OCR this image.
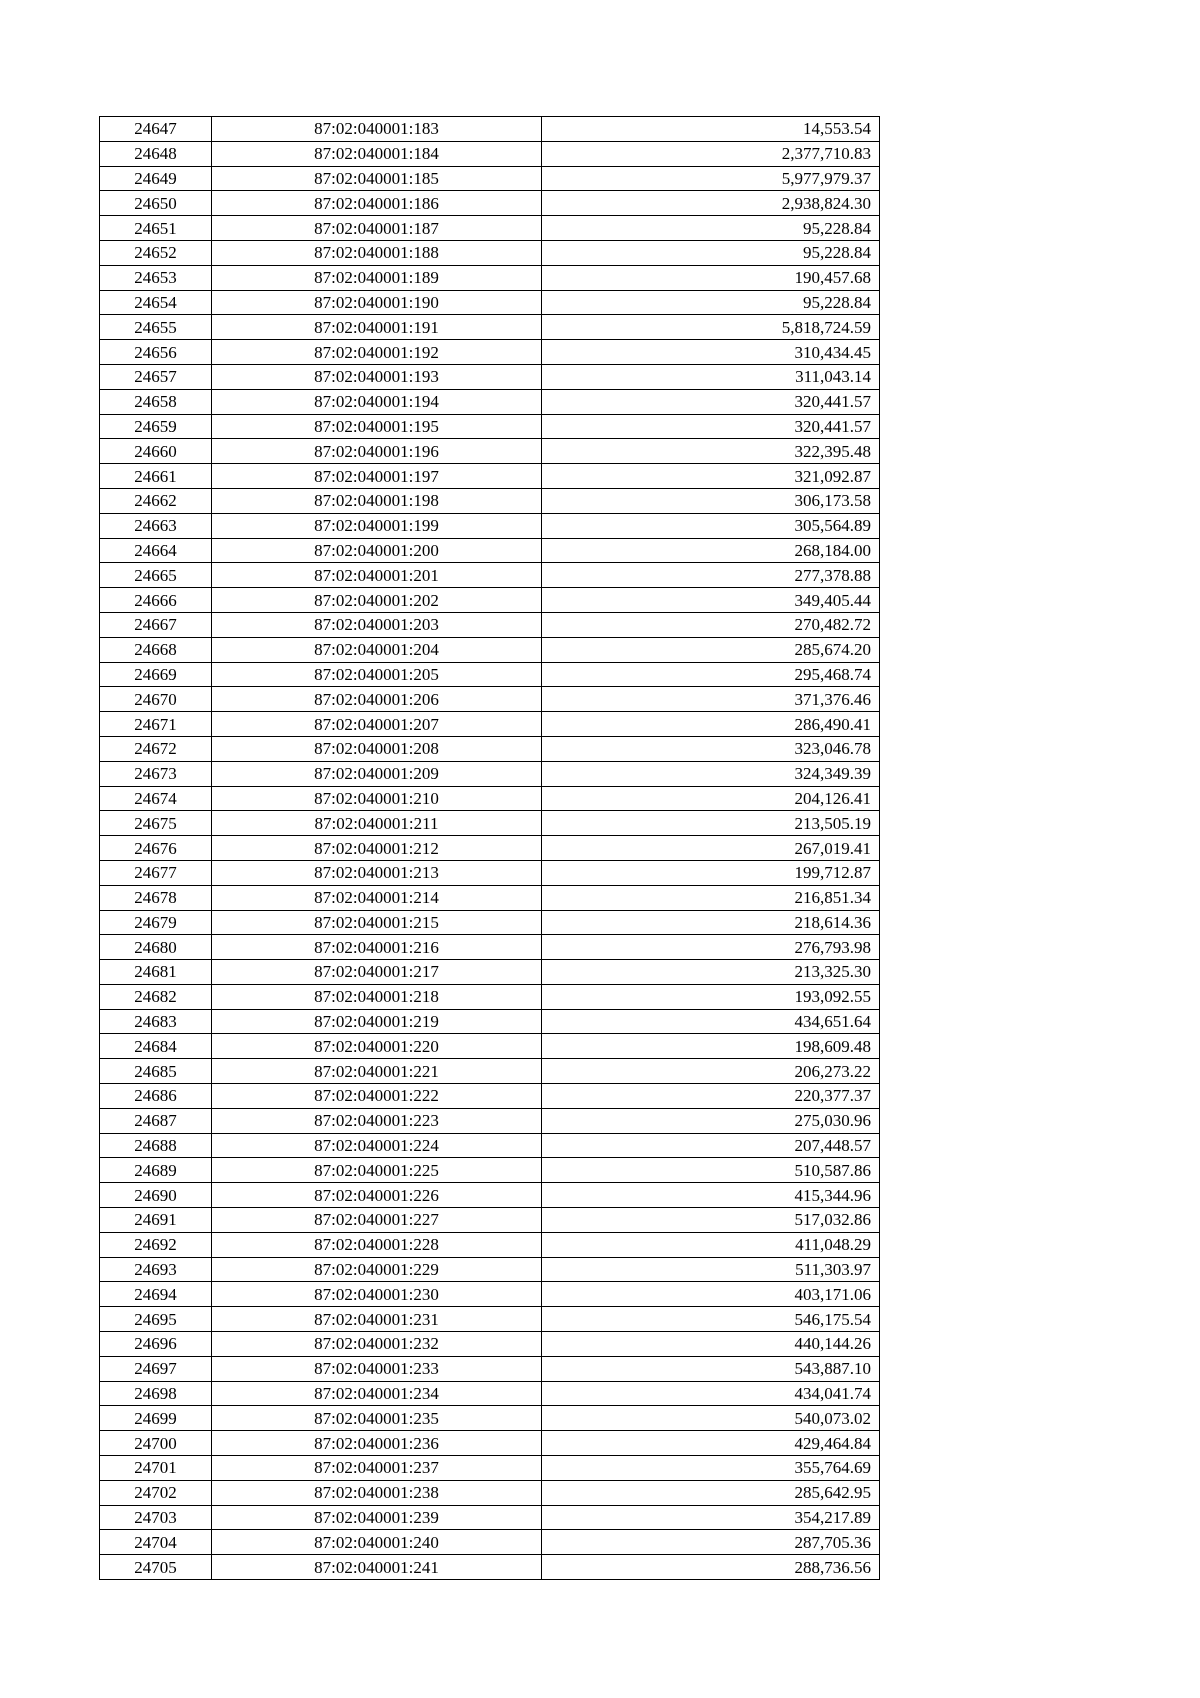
24647	87:02:040001:183	14,553.54
24648	87:02:040001:184	2,377,710.83
24649	87:02:040001:185	5,977,979.37
24650	87:02:040001:186	2,938,824.30
24651	87:02:040001:187	95,228.84
24652	87:02:040001:188	95,228.84
24653	87:02:040001:189	190,457.68
24654	87:02:040001:190	95,228.84
24655	87:02:040001:191	5,818,724.59
24656	87:02:040001:192	310,434.45
24657	87:02:040001:193	311,043.14
24658	87:02:040001:194	320,441.57
24659	87:02:040001:195	320,441.57
24660	87:02:040001:196	322,395.48
24661	87:02:040001:197	321,092.87
24662	87:02:040001:198	306,173.58
24663	87:02:040001:199	305,564.89
24664	87:02:040001:200	268,184.00
24665	87:02:040001:201	277,378.88
24666	87:02:040001:202	349,405.44
24667	87:02:040001:203	270,482.72
24668	87:02:040001:204	285,674.20
24669	87:02:040001:205	295,468.74
24670	87:02:040001:206	371,376.46
24671	87:02:040001:207	286,490.41
24672	87:02:040001:208	323,046.78
24673	87:02:040001:209	324,349.39
24674	87:02:040001:210	204,126.41
24675	87:02:040001:211	213,505.19
24676	87:02:040001:212	267,019.41
24677	87:02:040001:213	199,712.87
24678	87:02:040001:214	216,851.34
24679	87:02:040001:215	218,614.36
24680	87:02:040001:216	276,793.98
24681	87:02:040001:217	213,325.30
24682	87:02:040001:218	193,092.55
24683	87:02:040001:219	434,651.64
24684	87:02:040001:220	198,609.48
24685	87:02:040001:221	206,273.22
24686	87:02:040001:222	220,377.37
24687	87:02:040001:223	275,030.96
24688	87:02:040001:224	207,448.57
24689	87:02:040001:225	510,587.86
24690	87:02:040001:226	415,344.96
24691	87:02:040001:227	517,032.86
24692	87:02:040001:228	411,048.29
24693	87:02:040001:229	511,303.97
24694	87:02:040001:230	403,171.06
24695	87:02:040001:231	546,175.54
24696	87:02:040001:232	440,144.26
24697	87:02:040001:233	543,887.10
24698	87:02:040001:234	434,041.74
24699	87:02:040001:235	540,073.02
24700	87:02:040001:236	429,464.84
24701	87:02:040001:237	355,764.69
24702	87:02:040001:238	285,642.95
24703	87:02:040001:239	354,217.89
24704	87:02:040001:240	287,705.36
24705	87:02:040001:241	288,736.56
